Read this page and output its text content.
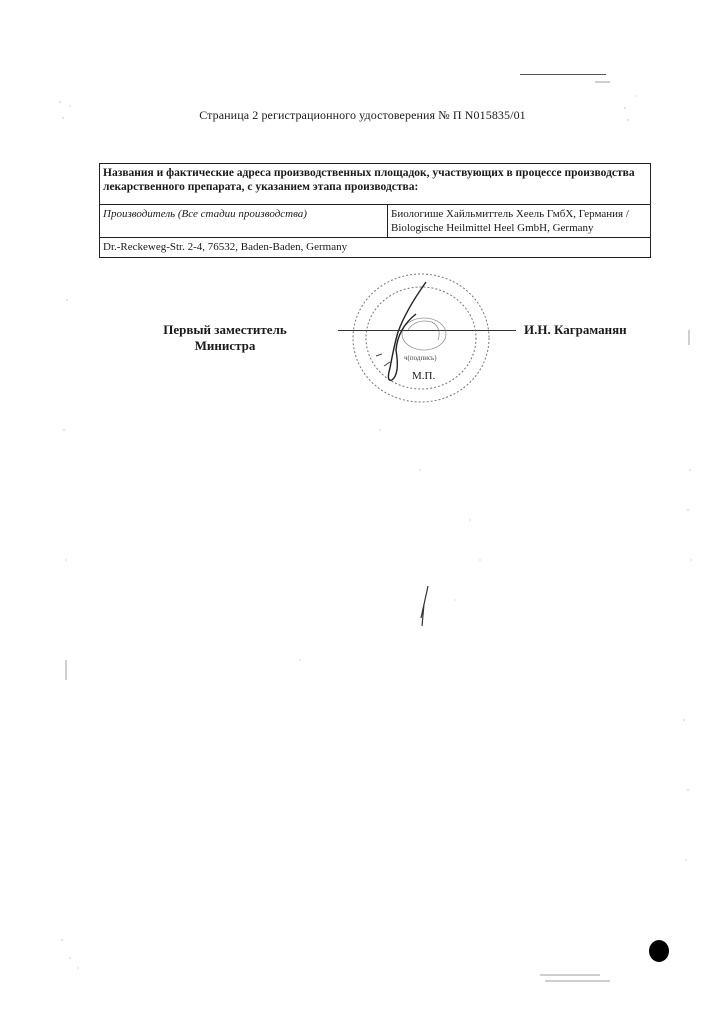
Страница 2 регистрационного удостоверения № П N015835/01
Названия и фактические адреса производственных площадок, участвующих в процессе производства лекарственного препарата, с указанием этапа производства:
Производитель (Все стадии производства)	Биологише Хайльмиттель Хеель ГмбХ, Германия /
Biologische Heilmittel Heel GmbH, Germany

Dr.-Reckeweg-Str. 2-4, 76532, Baden-Baden, Germany
Первый заместитель
Министра
ч(подпись)
М.П.
И.Н. Каграманян
